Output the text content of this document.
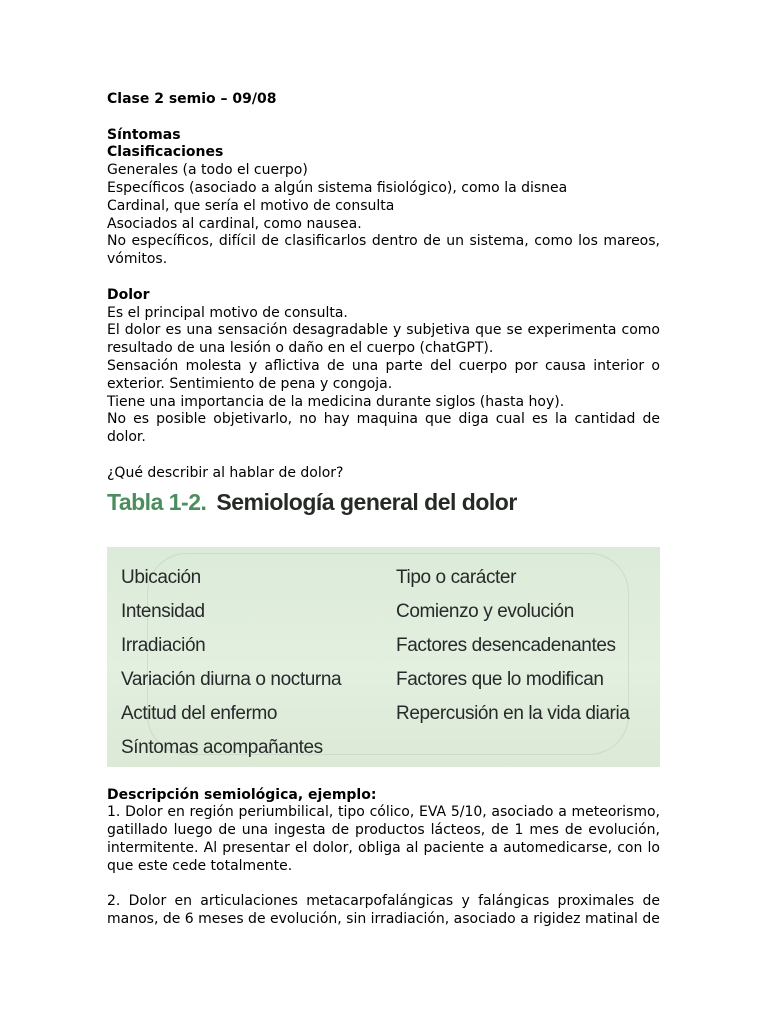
Clase 2 semio – 09/08

Síntomas

Clasificaciones

Generales (a todo el cuerpo)

Específicos (asociado a algún sistema fisiológico), como la disnea

Cardinal, que sería el motivo de consulta

Asociados al cardinal, como nausea.

No específicos, difícil de clasificarlos dentro de un sistema, como los mareos, vómitos.

Dolor

Es el principal motivo de consulta.

El dolor es una sensación desagradable y subjetiva que se experimenta como resultado de una lesión o daño en el cuerpo (chatGPT).

Sensación molesta y aflictiva de una parte del cuerpo por causa interior o exterior. Sentimiento de pena y congoja.

Tiene una importancia de la medicina durante siglos (hasta hoy).

No es posible objetivarlo, no hay maquina que diga cual es la cantidad de dolor.

¿Qué describir al hablar de dolor?

Tabla 1-2. Semiología general del dolor
Ubicación
Intensidad
Irradiación
Variación diurna o nocturna
Actitud del enfermo
Síntomas acompañantes
Tipo o carácter
Comienzo y evolución
Factores desencadenantes
Factores que lo modifican
Repercusión en la vida diaria

Descripción semiológica, ejemplo:

1. Dolor en región periumbilical, tipo cólico, EVA 5/10, asociado a meteorismo, gatillado luego de una ingesta de productos lácteos, de 1 mes de evolución, intermitente. Al presentar el dolor, obliga al paciente a automedicarse, con lo que este cede totalmente.

2. Dolor en articulaciones metacarpofalángicas y falángicas proximales de manos, de 6 meses de evolución, sin irradiación, asociado a rigidez matinal de
